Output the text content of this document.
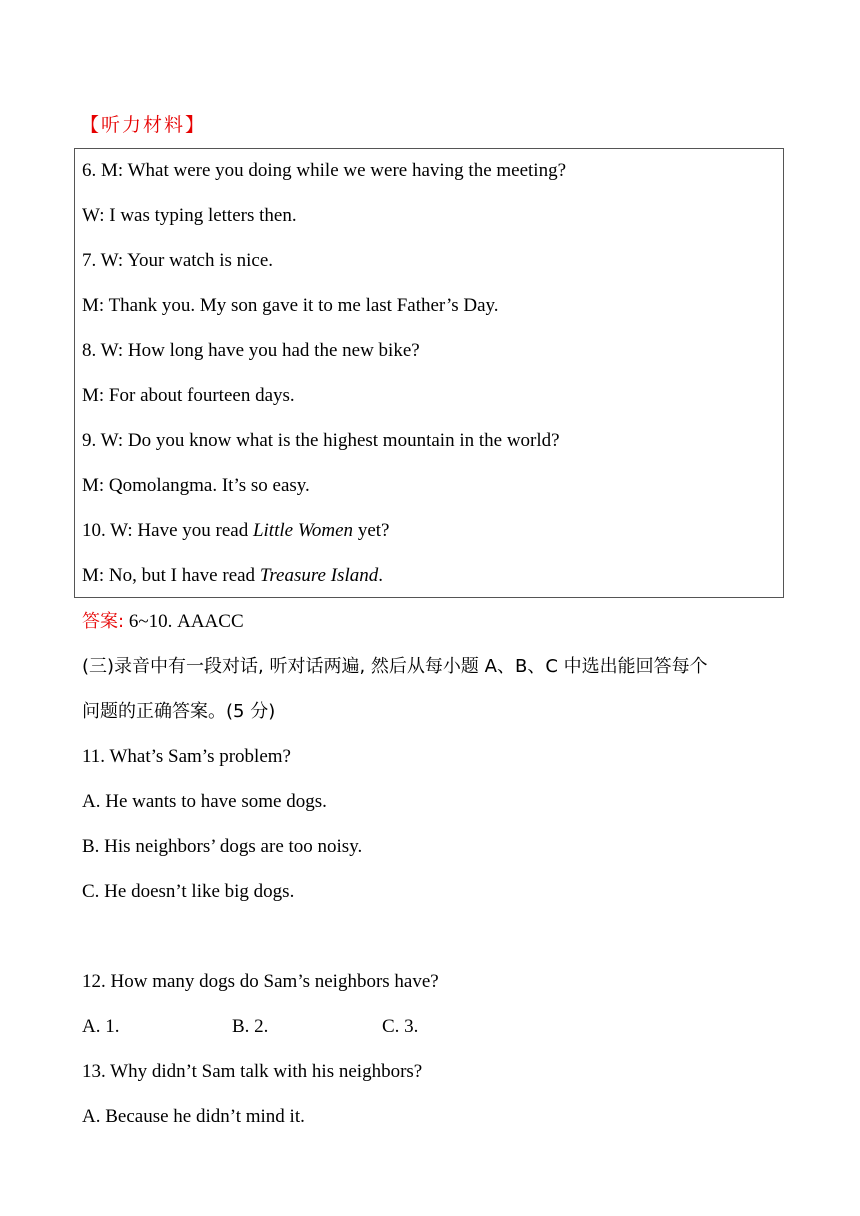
【听力材料】
6. M: What were you doing while we were having the meeting?
W: I was typing letters then.
7. W: Your watch is nice.
M: Thank you. My son gave it to me last Father’s Day.
8. W: How long have you had the new bike?
M: For about fourteen days.
9. W: Do you know what is the highest mountain in the world?
M: Qomolangma. It’s so easy.
10. W: Have you read Little Women yet?
M: No, but I have read Treasure Island.
答案: 6~10. AAACC
(三)录音中有一段对话, 听对话两遍, 然后从每小题 A、B、C 中选出能回答每个
问题的正确答案。(5 分)
11. What’s Sam’s problem?
A. He wants to have some dogs.
B. His neighbors’ dogs are too noisy.
C. He doesn’t like big dogs.
12. How many dogs do Sam’s neighbors have?
A. 1.	B. 2.	C. 3.
13. Why didn’t Sam talk with his neighbors?
A. Because he didn’t mind it.
